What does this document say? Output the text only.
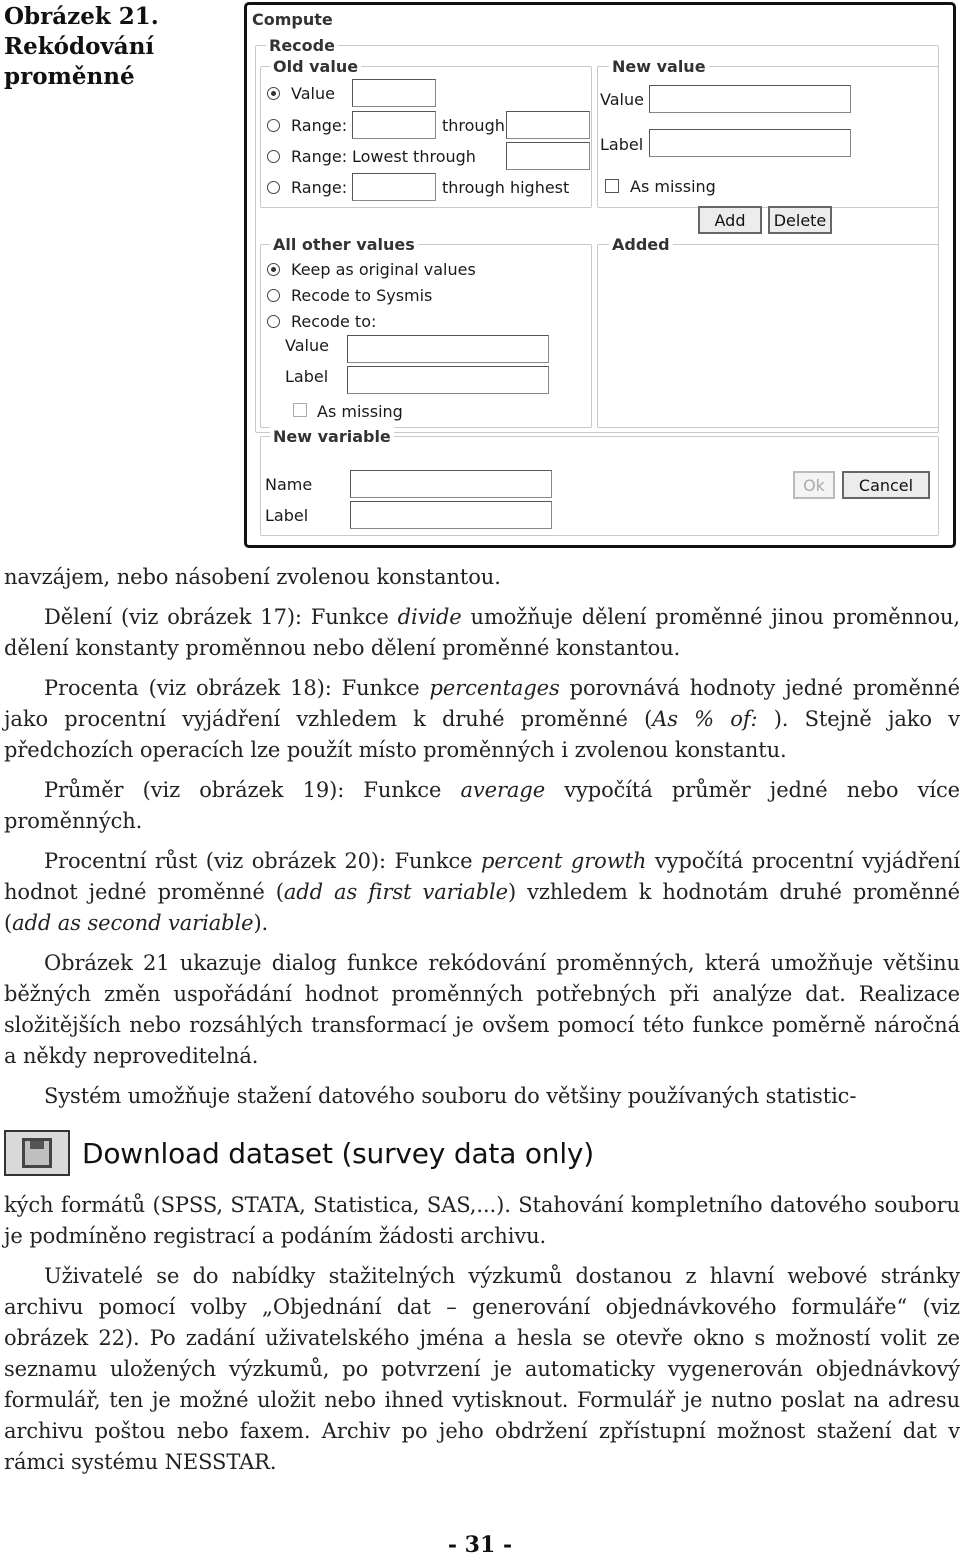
Obrázek 21.
Rekódování
proměnné
Compute
Recode
Old value
Value
Range:	through
Range: Lowest through
Range:	through highest
New value
Value
Label
As missing
Add	Delete
All other values
Keep as original values
Recode to Sysmis
Recode to:
Value
Label
As missing
Added
New variable
Name
Label
Ok	Cancel

navzájem, nebo násobení zvolenou konstantou.

Dělení (viz obrázek 17): Funkce divide umožňuje dělení proměnné jinou proměnnou, dělení konstanty proměnnou nebo dělení proměnné konstantou.

Procenta (viz obrázek 18): Funkce percentages porovnává hodnoty jedné proměnné jako procentní vyjádření vzhledem k druhé proměnné (As % of: ). Stejně jako v předchozích operacích lze použít místo proměnných i zvolenou konstantu.

Průměr (viz obrázek 19): Funkce average vypočítá průměr jedné nebo více proměnných.

Procentní růst (viz obrázek 20): Funkce percent growth vypočítá procentní vyjádření hodnot jedné proměnné (add as first variable) vzhledem k hodnotám druhé proměnné (add as second variable).

Obrázek 21 ukazuje dialog funkce rekódování proměnných, která umožňuje většinu běžných změn uspořádání hodnot proměnných potřebných při analýze dat. Realizace složitějších nebo rozsáhlých transformací je ovšem pomocí této funkce poměrně náročná a někdy neproveditelná.

Systém umožňuje stažení datového souboru do většiny používaných statistic-

Download dataset (survey data only)

kých formátů (SPSS, STATA, Statistica, SAS,...). Stahování kompletního datového souboru je podmíněno registrací a podáním žádosti archivu.

Uživatelé se do nabídky stažitelných výzkumů dostanou z hlavní webové stránky archivu pomocí volby „Objednání dat – generování objednávkového formuláře“ (viz obrázek 22). Po zadání uživatelského jména a hesla se otevře okno s možností volit ze seznamu uložených výzkumů, po potvrzení je automaticky vygenerován objednávkový formulář, ten je možné uložit nebo ihned vytisknout. Formulář je nutno poslat na adresu archivu poštou nebo faxem. Archiv po jeho obdržení zpřístupní možnost stažení dat v rámci systému NESSTAR.

- 31 -
